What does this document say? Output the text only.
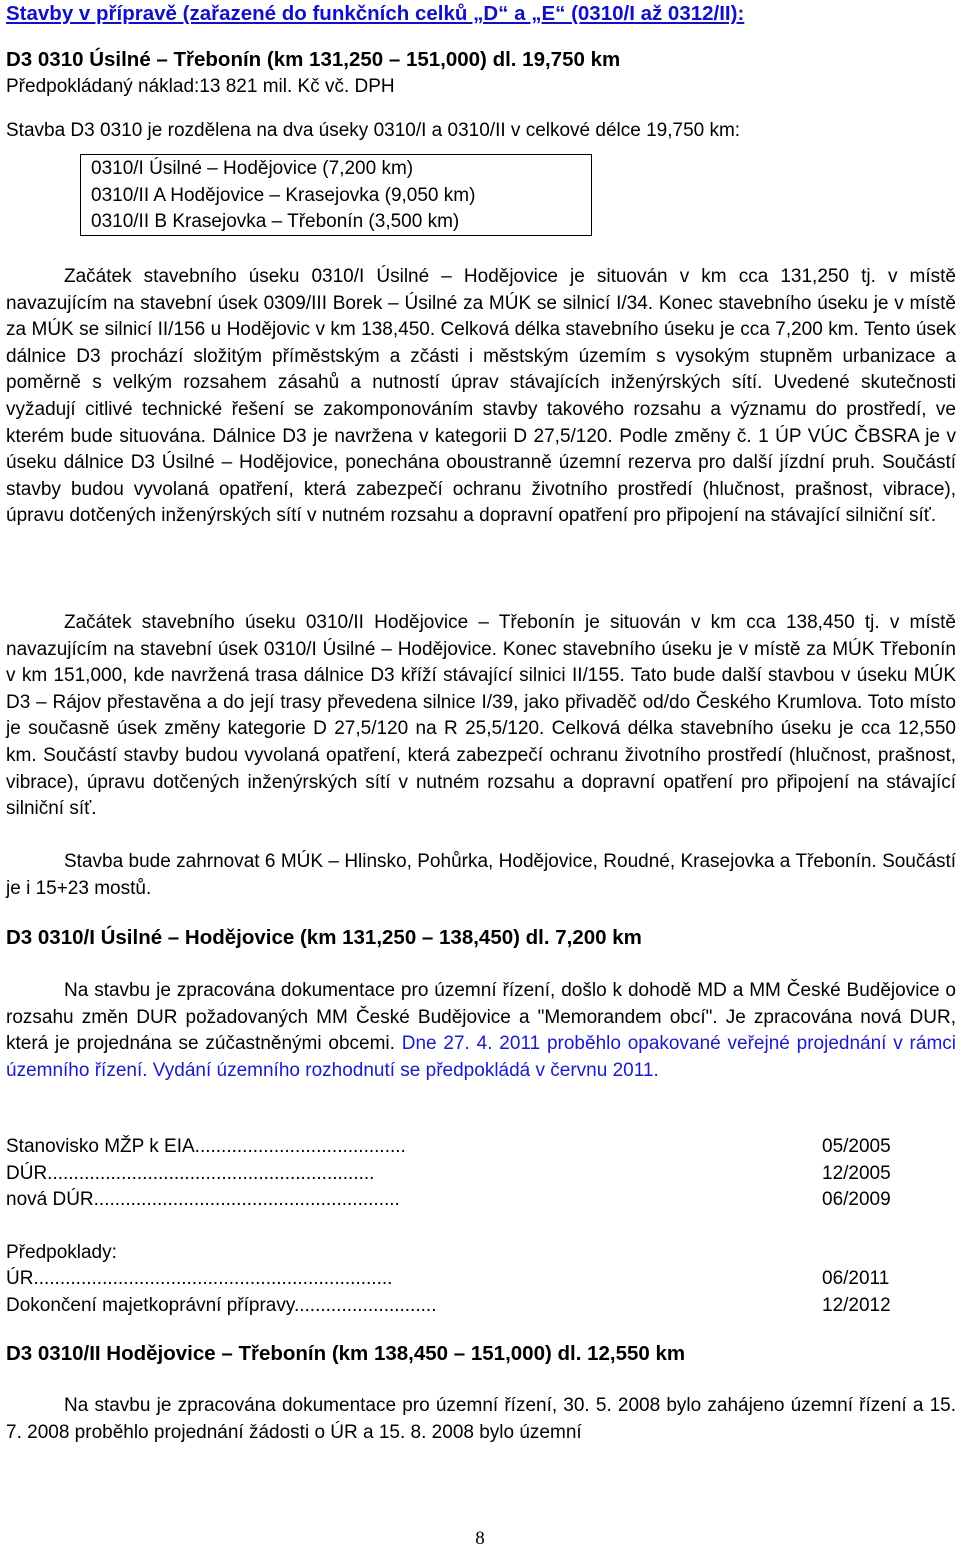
Stavby v přípravě (zařazené do funkčních celků „D“ a „E“ (0310/I až 0312/II):
D3 0310 Úsilné – Třebonín (km 131,250 – 151,000) dl. 19,750 km
Předpokládaný náklad:13 821 mil. Kč vč. DPH
Stavba D3 0310 je rozdělena na dva úseky 0310/I a 0310/II v celkové délce 19,750 km:
0310/I Úsilné – Hodějovice (7,200 km)
0310/II A Hodějovice – Krasejovka (9,050 km)
0310/II B Krasejovka – Třebonín (3,500 km)

Začátek stavebního úseku 0310/I Úsilné – Hodějovice je situován v km cca 131,250 tj. v místě navazujícím na stavební úsek 0309/III Borek – Úsilné za MÚK se silnicí I/34. Konec stavebního úseku je v místě za MÚK se silnicí II/156 u Hodějovic v km 138,450. Celková délka stavebního úseku je cca 7,200 km. Tento úsek dálnice D3 prochází složitým příměstským a zčásti i městským územím s vysokým stupněm urbanizace a poměrně s velkým rozsahem zásahů a nutností úprav stávajících inženýrských sítí. Uvedené skutečnosti vyžadují citlivé technické řešení se zakomponováním stavby takového rozsahu a významu do prostředí, ve kterém bude situována. Dálnice D3 je navržena v kategorii D 27,5/120. Podle změny č. 1 ÚP VÚC ČBSRA je v úseku dálnice D3 Úsilné – Hodějovice, ponechána oboustranně územní rezerva pro další jízdní pruh. Součástí stavby budou vyvolaná opatření, která zabezpečí ochranu životního prostředí (hlučnost, prašnost, vibrace), úpravu dotčených inženýrských sítí v nutném rozsahu a dopravní opatření pro připojení na stávající silniční síť.

Začátek stavebního úseku 0310/II Hodějovice – Třebonín je situován v km cca 138,450 tj. v místě navazujícím na stavební úsek 0310/I Úsilné – Hodějovice. Konec stavebního úseku je v místě za MÚK Třebonín v km 151,000, kde navržená trasa dálnice D3 kříží stávající silnici II/155. Tato bude další stavbou v úseku MÚK D3 – Rájov přestavěna a do její trasy převedena silnice I/39, jako přivaděč od/do Českého Krumlova. Toto místo je současně úsek změny kategorie D 27,5/120 na R 25,5/120. Celková délka stavebního úseku je cca 12,550 km. Součástí stavby budou vyvolaná opatření, která zabezpečí ochranu životního prostředí (hlučnost, prašnost, vibrace), úpravu dotčených inženýrských sítí v nutném rozsahu a dopravní opatření pro připojení na stávající silniční síť.

Stavba bude zahrnovat 6 MÚK – Hlinsko, Pohůrka, Hodějovice, Roudné, Krasejovka a Třebonín. Součástí je i 15+23 mostů.

D3 0310/I Úsilné – Hodějovice (km 131,250 – 138,450) dl. 7,200 km

Na stavbu je zpracována dokumentace pro územní řízení, došlo k dohodě MD a MM České Budějovice o rozsahu změn DUR požadovaných MM České Budějovice a "Memorandem obcí". Je zpracována nová DUR, která je projednána se zúčastněnými obcemi. Dne 27. 4. 2011 proběhlo opakované veřejné projednání v rámci územního řízení. Vydání územního rozhodnutí se předpokládá v červnu 2011.

Stanovisko MŽP k EIA........................................	05/2005
DÚR..............................................................	12/2005
nová DÚR..........................................................	06/2009
Předpoklady:
ÚR....................................................................	06/2011
Dokončení majetkoprávní přípravy...........................	12/2012
D3 0310/II Hodějovice – Třebonín (km 138,450 – 151,000) dl. 12,550 km

Na stavbu je zpracována dokumentace pro územní řízení, 30. 5. 2008 bylo zahájeno územní řízení a 15. 7. 2008 proběhlo projednání žádosti o ÚR a 15. 8. 2008 bylo územní

8
